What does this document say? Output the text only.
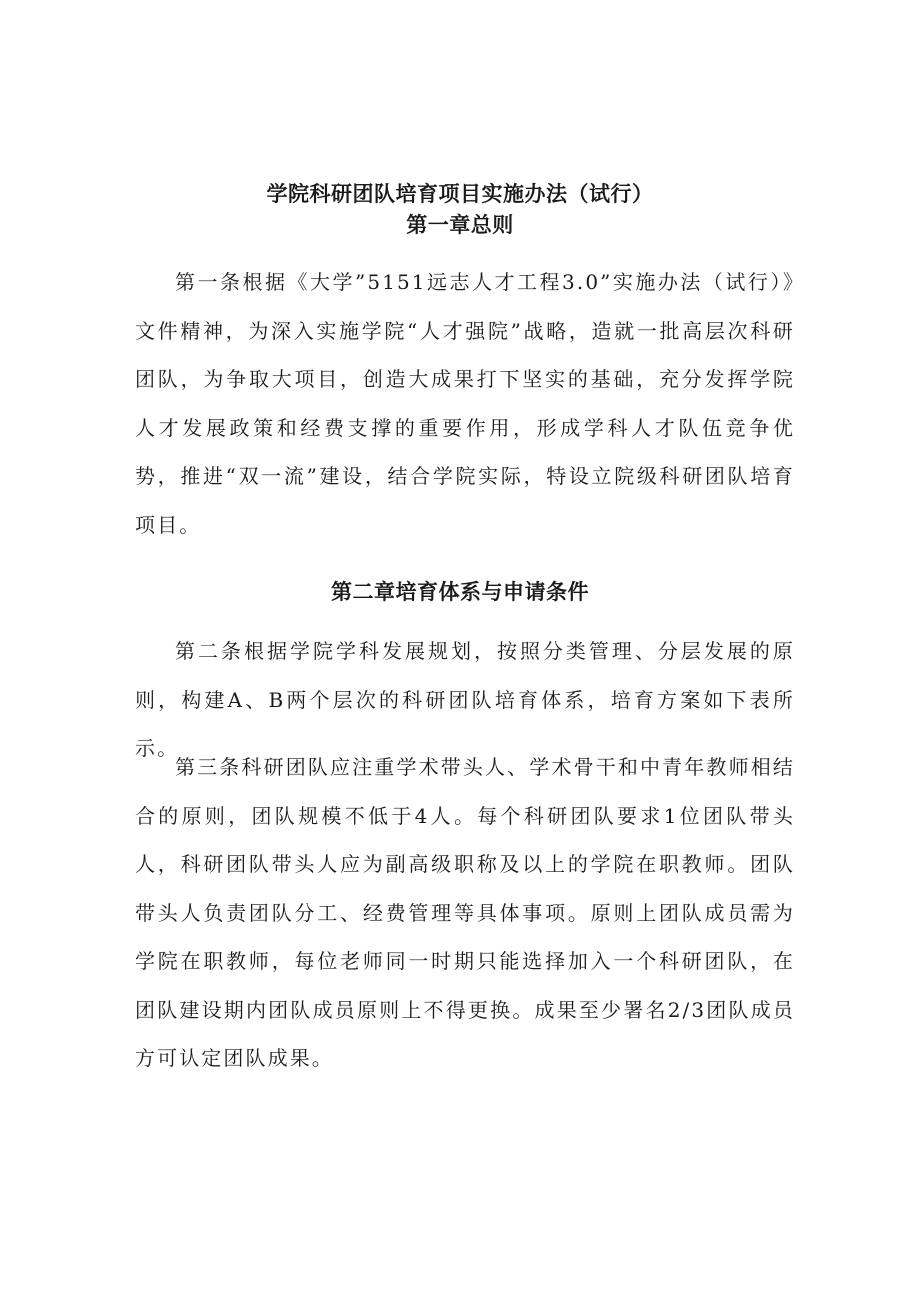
学院科研团队培育项目实施办法（试行）
第一章总则

第一条根据《大学”5151远志人才工程3.0”实施办法（试行）》文件精神，为深入实施学院“人才强院”战略，造就一批高层次科研团队，为争取大项目，创造大成果打下坚实的基础，充分发挥学院人才发展政策和经费支撑的重要作用，形成学科人才队伍竞争优势，推进“双一流”建设，结合学院实际，特设立院级科研团队培育项目。

第二章培育体系与申请条件

第二条根据学院学科发展规划，按照分类管理、分层发展的原则，构建A、B两个层次的科研团队培育体系，培育方案如下表所示。

第三条科研团队应注重学术带头人、学术骨干和中青年教师相结合的原则，团队规模不低于4人。每个科研团队要求1位团队带头人，科研团队带头人应为副高级职称及以上的学院在职教师。团队带头人负责团队分工、经费管理等具体事项。原则上团队成员需为学院在职教师，每位老师同一时期只能选择加入一个科研团队，在团队建设期内团队成员原则上不得更换。成果至少署名2/3团队成员方可认定团队成果。
